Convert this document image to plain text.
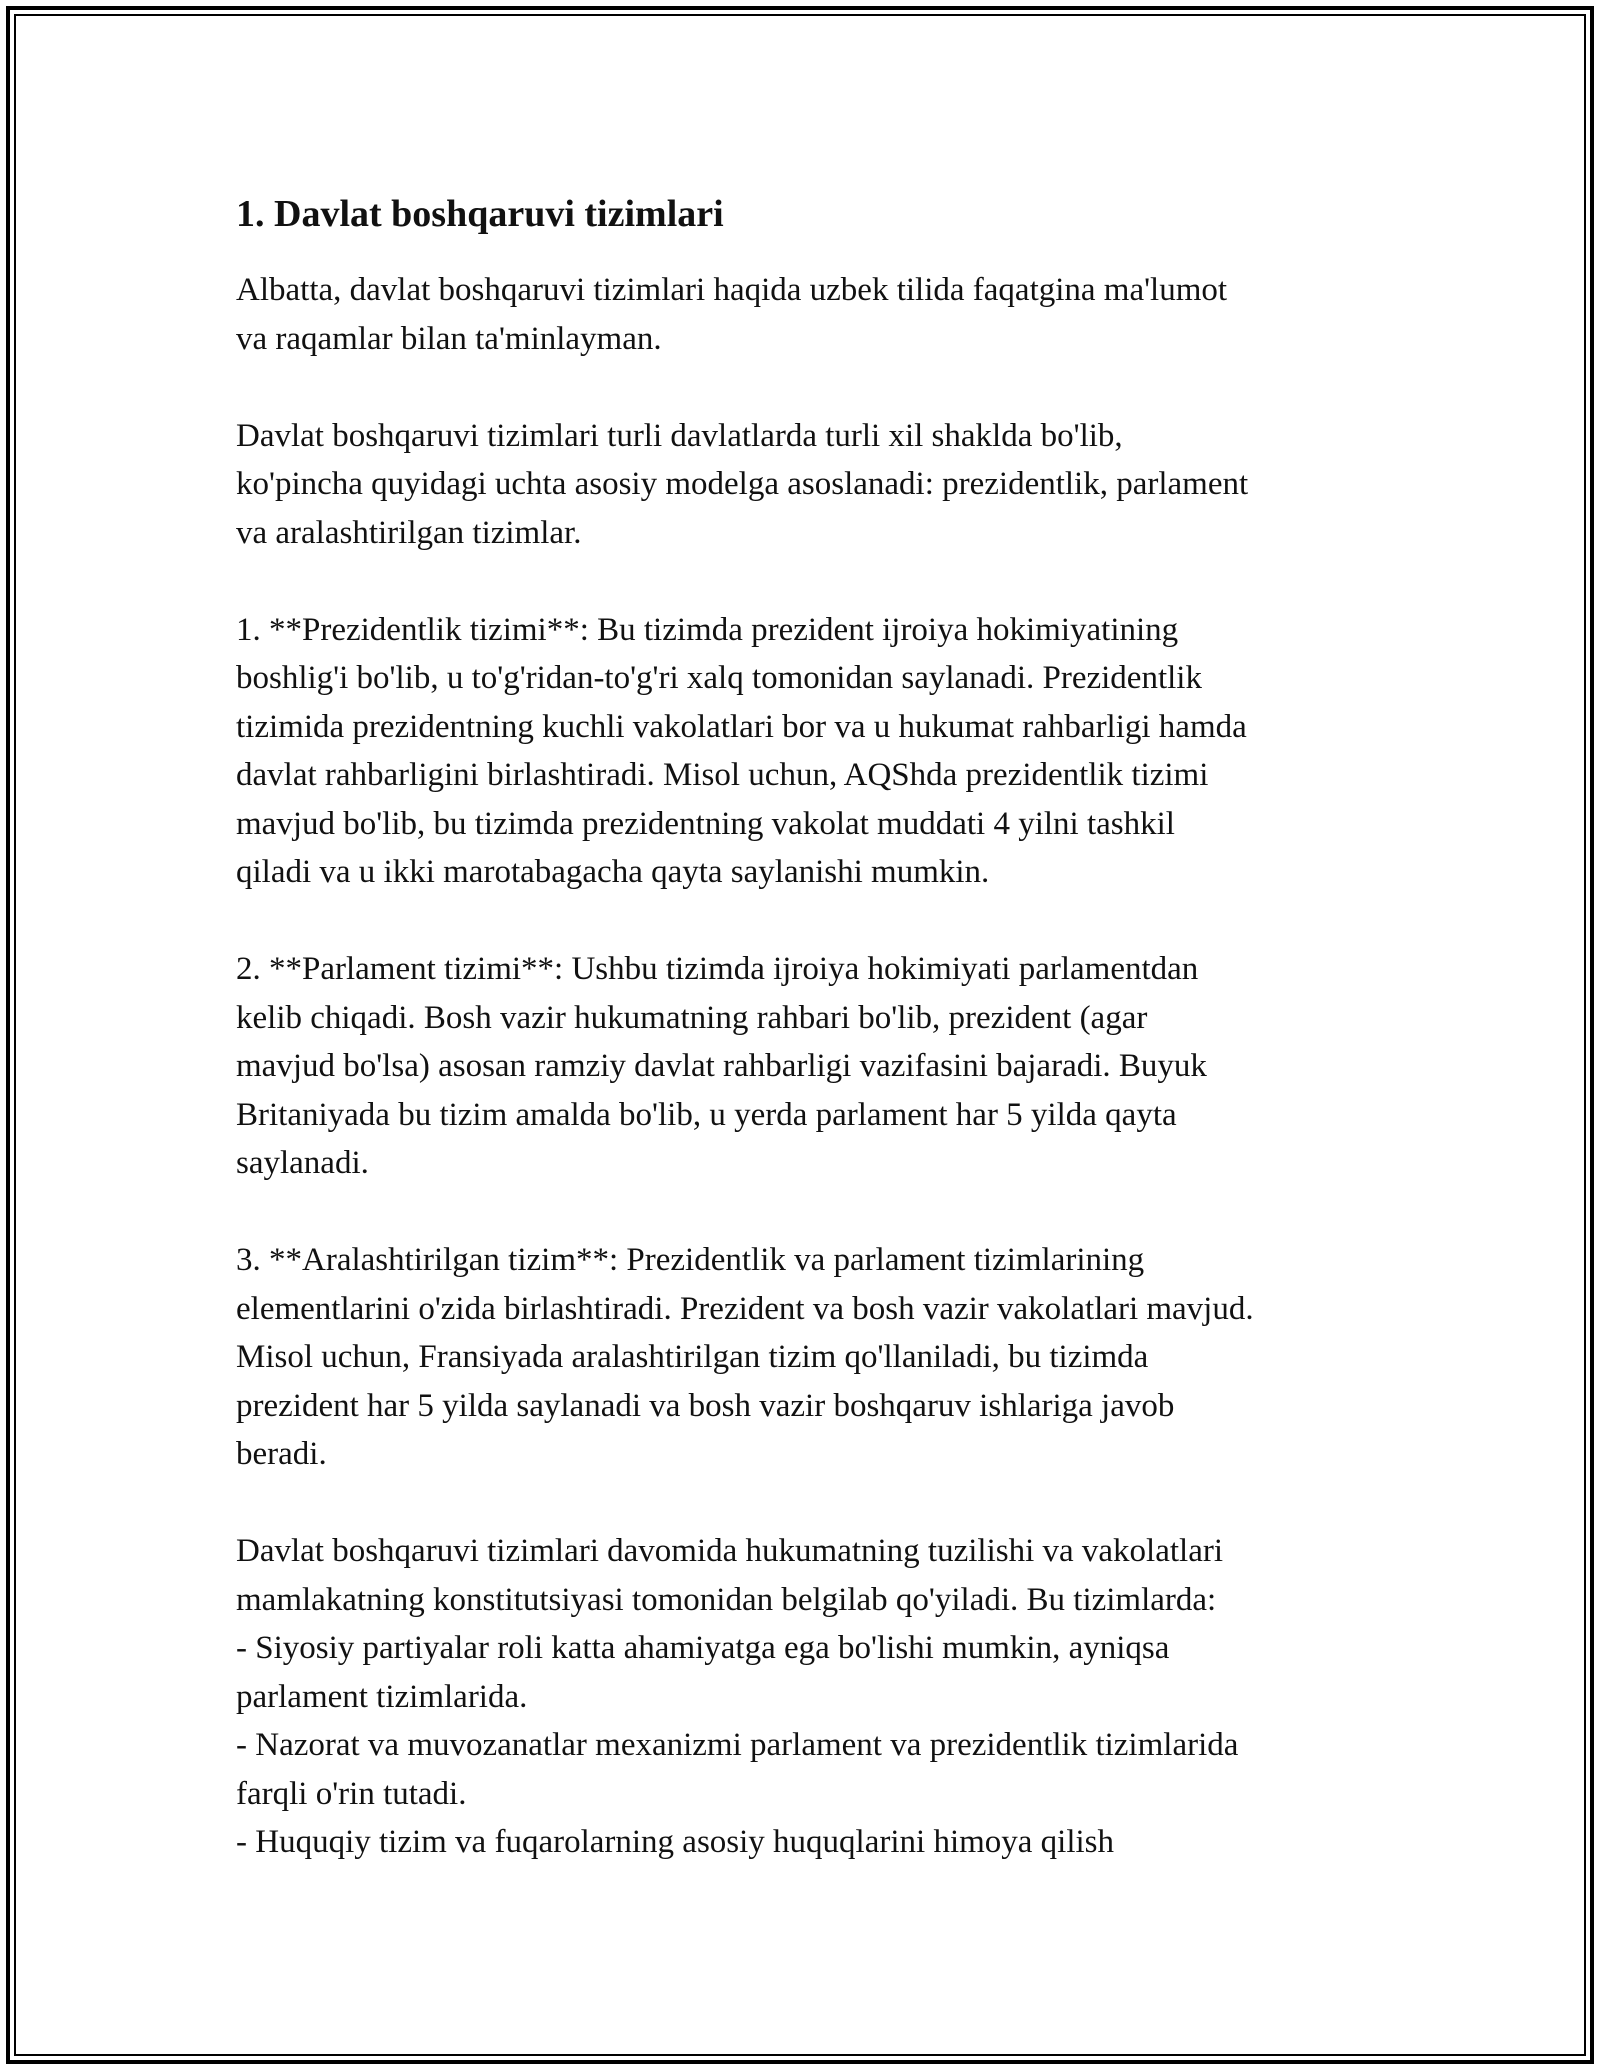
1. Davlat boshqaruvi tizimlari

Albatta, davlat boshqaruvi tizimlari haqida uzbek tilida faqatgina ma'lumot
va raqamlar bilan ta'minlayman.

Davlat boshqaruvi tizimlari turli davlatlarda turli xil shaklda bo'lib,
ko'pincha quyidagi uchta asosiy modelga asoslanadi: prezidentlik, parlament
va aralashtirilgan tizimlar.

1. **Prezidentlik tizimi**: Bu tizimda prezident ijroiya hokimiyatining
boshlig'i bo'lib, u to'g'ridan-to'g'ri xalq tomonidan saylanadi. Prezidentlik
tizimida prezidentning kuchli vakolatlari bor va u hukumat rahbarligi hamda
davlat rahbarligini birlashtiradi. Misol uchun, AQShda prezidentlik tizimi
mavjud bo'lib, bu tizimda prezidentning vakolat muddati 4 yilni tashkil
qiladi va u ikki marotabagacha qayta saylanishi mumkin.

2. **Parlament tizimi**: Ushbu tizimda ijroiya hokimiyati parlamentdan
kelib chiqadi. Bosh vazir hukumatning rahbari bo'lib, prezident (agar
mavjud bo'lsa) asosan ramziy davlat rahbarligi vazifasini bajaradi. Buyuk
Britaniyada bu tizim amalda bo'lib, u yerda parlament har 5 yilda qayta
saylanadi.

3. **Aralashtirilgan tizim**: Prezidentlik va parlament tizimlarining
elementlarini o'zida birlashtiradi. Prezident va bosh vazir vakolatlari mavjud.
Misol uchun, Fransiyada aralashtirilgan tizim qo'llaniladi, bu tizimda
prezident har 5 yilda saylanadi va bosh vazir boshqaruv ishlariga javob
beradi.

Davlat boshqaruvi tizimlari davomida hukumatning tuzilishi va vakolatlari
mamlakatning konstitutsiyasi tomonidan belgilab qo'yiladi. Bu tizimlarda:
- Siyosiy partiyalar roli katta ahamiyatga ega bo'lishi mumkin, ayniqsa
parlament tizimlarida.
- Nazorat va muvozanatlar mexanizmi parlament va prezidentlik tizimlarida
farqli o'rin tutadi.
- Huquqiy tizim va fuqarolarning asosiy huquqlarini himoya qilish
